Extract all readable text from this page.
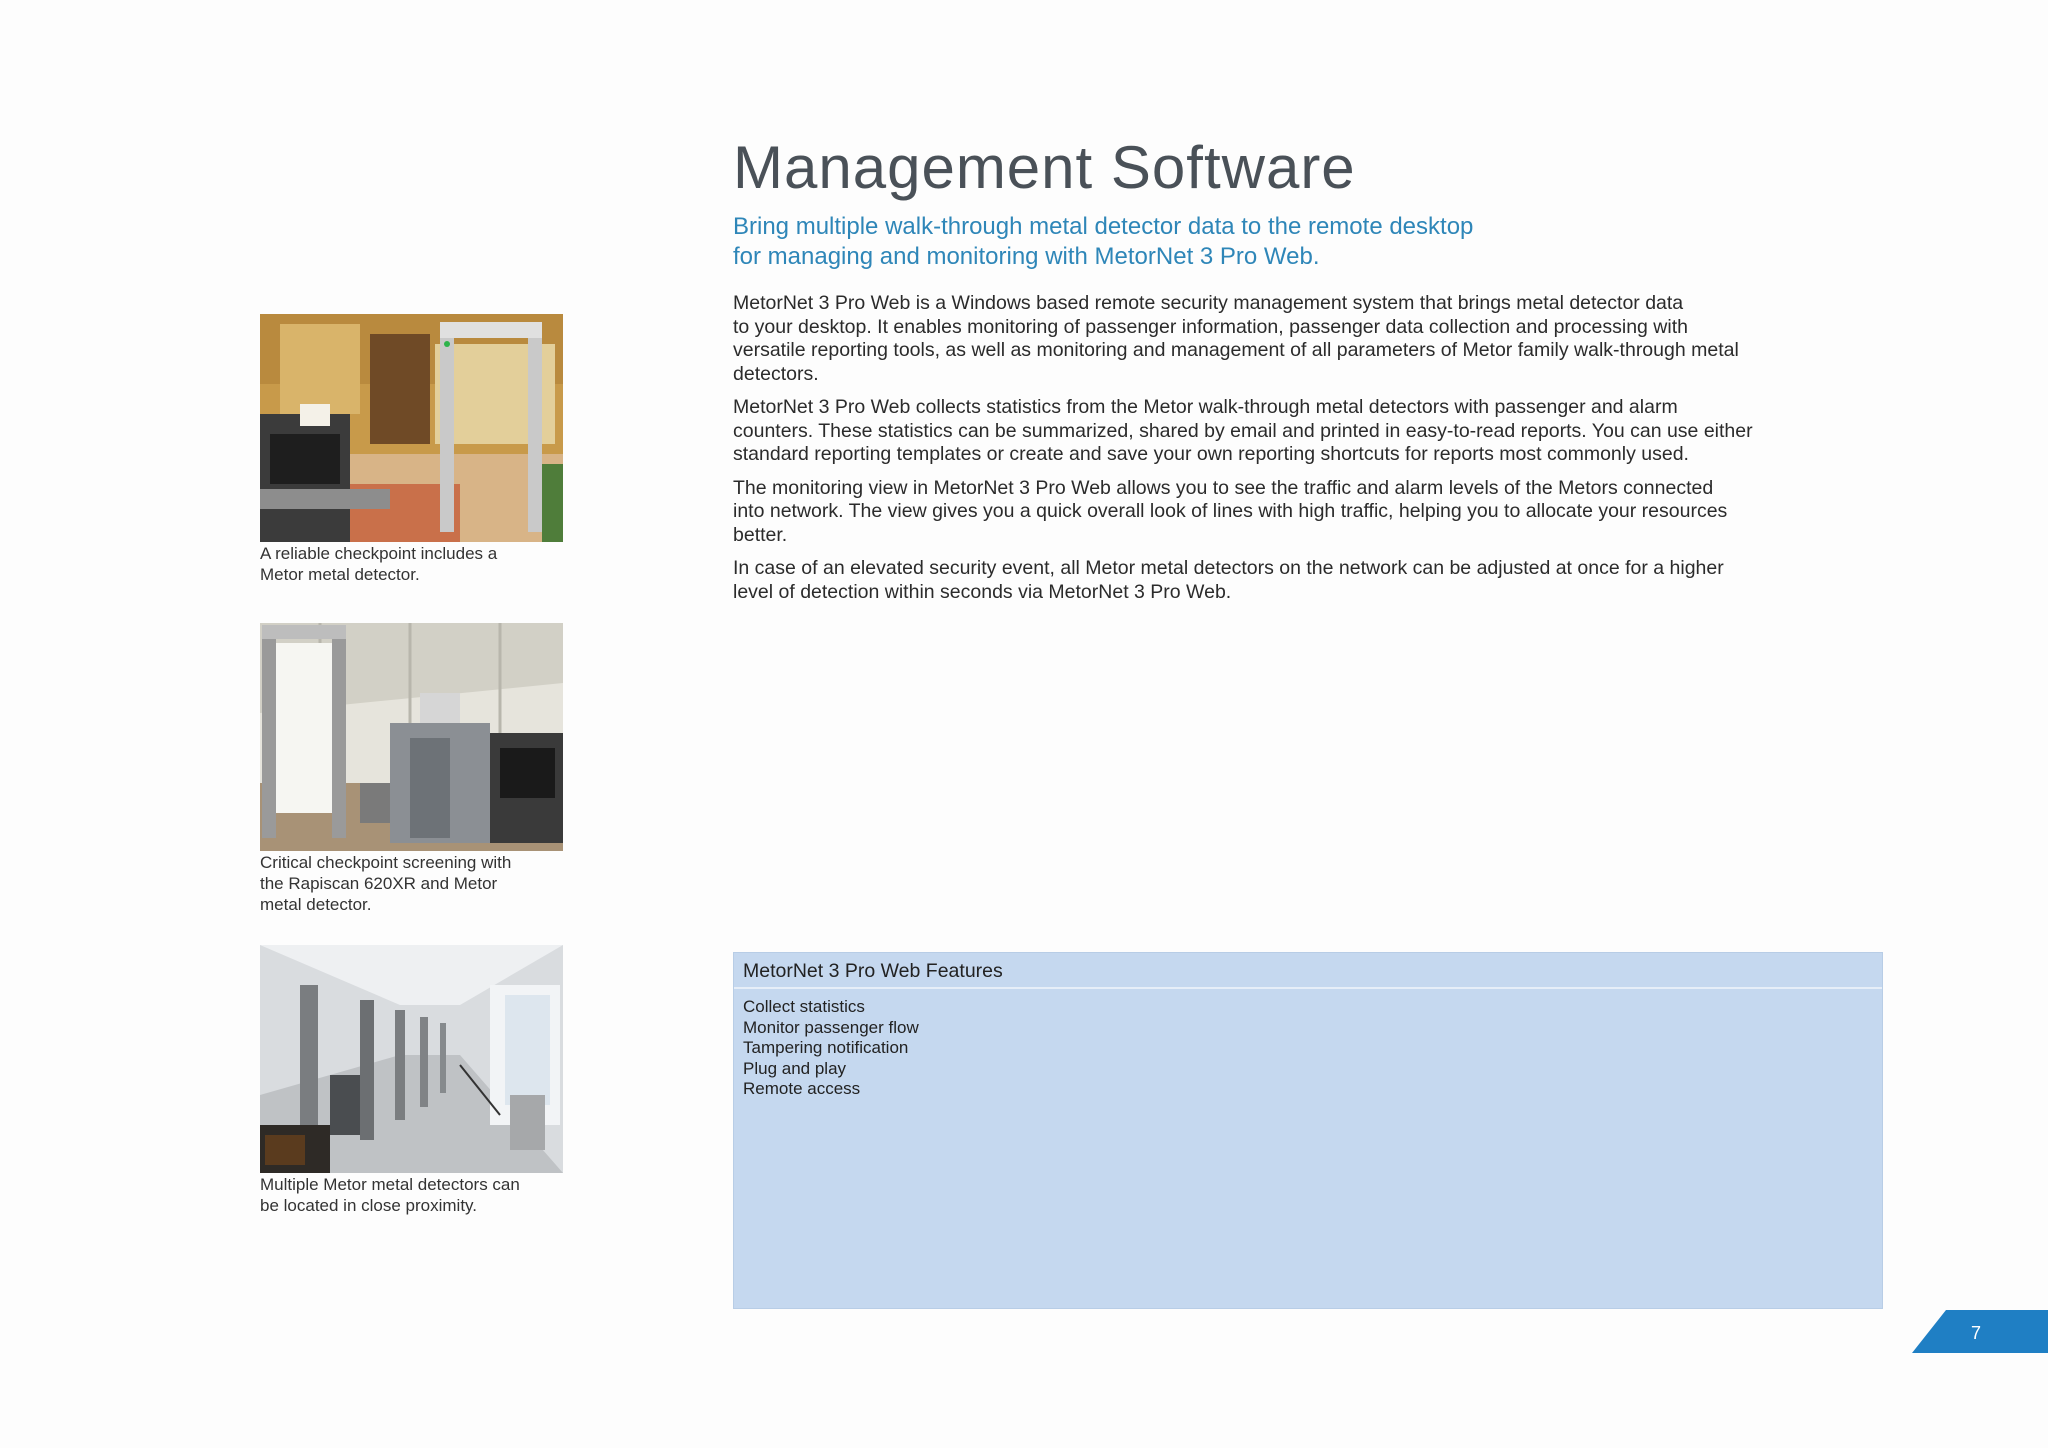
A reliable checkpoint includes a
Metor metal detector.
Critical checkpoint screening with
the Rapiscan 620XR and Metor
metal detector.
Multiple Metor metal detectors can
be located in close proximity.
Management Software
Bring multiple walk-through metal detector data to the remote desktop
for managing and monitoring with MetorNet 3 Pro Web.

MetorNet 3 Pro Web is a Windows based remote security management system that brings metal detector data
to your desktop. It enables monitoring of passenger information, passenger data collection and processing with
versatile reporting tools, as well as monitoring and management of all parameters of Metor family walk-through metal
detectors.

MetorNet 3 Pro Web collects statistics from the Metor walk-through metal detectors with passenger and alarm
counters. These statistics can be summarized, shared by email and printed in easy-to-read reports. You can use either
standard reporting templates or create and save your own reporting shortcuts for reports most commonly used.

The monitoring view in MetorNet 3 Pro Web allows you to see the traffic and alarm levels of the Metors connected
into network. The view gives you a quick overall look of lines with high traffic, helping you to allocate your resources
better.

In case of an elevated security event, all Metor metal detectors on the network can be adjusted at once for a higher
level of detection within seconds via MetorNet 3 Pro Web.

MetorNet 3 Pro Web Features
Collect statistics
Monitor passenger flow
Tampering notification
Plug and play
Remote access
7
